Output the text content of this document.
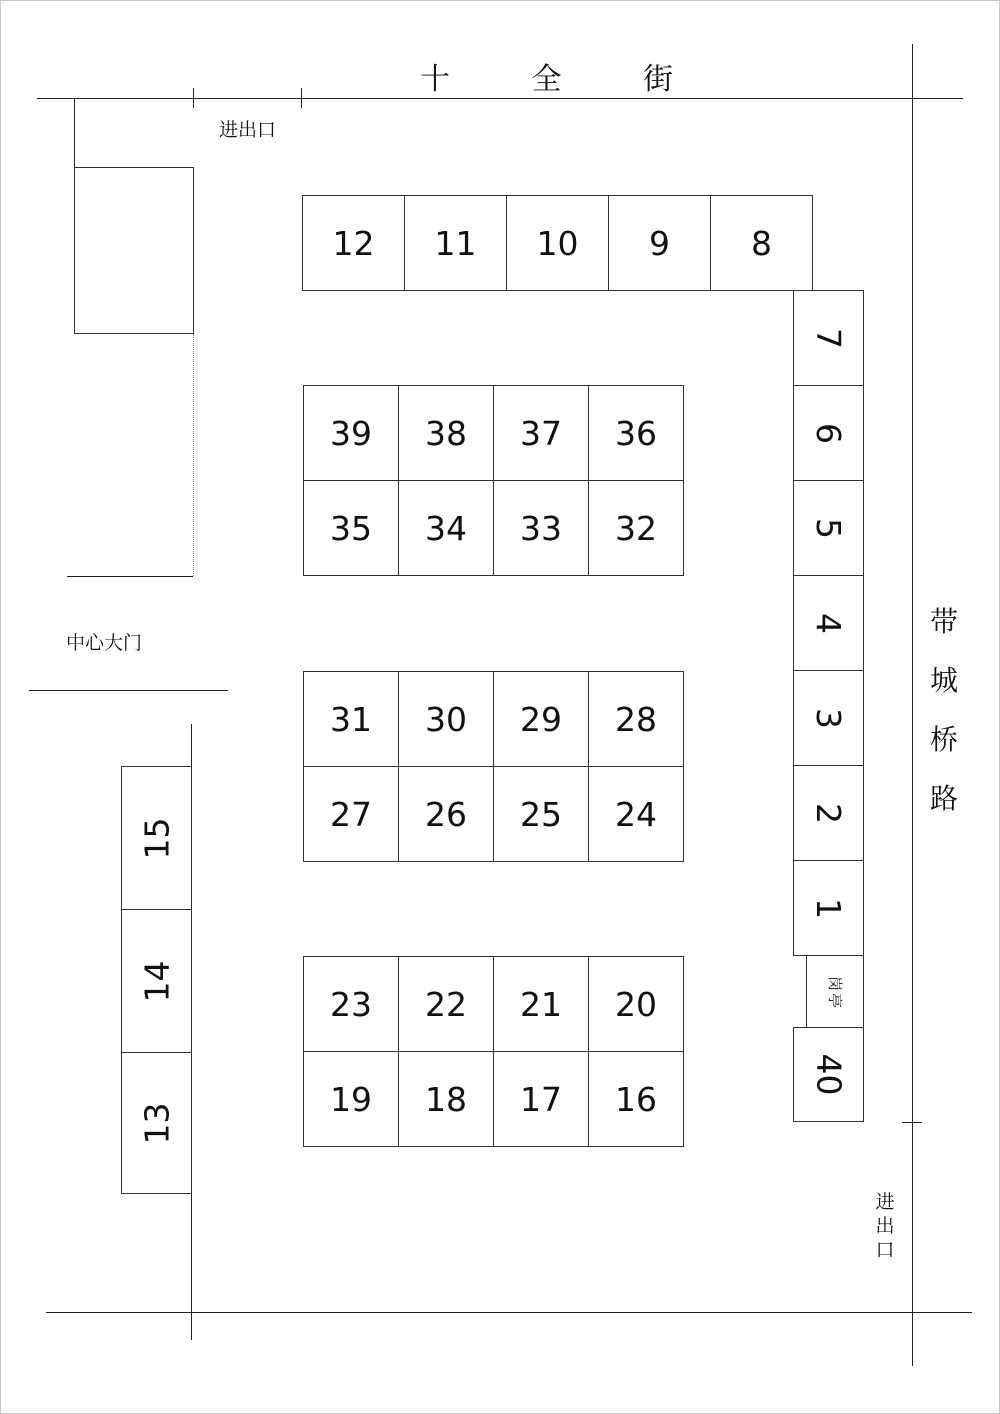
十 全 街
带
城
桥
路
进出口
中心大门
进
出
口
12 11 10 9 8
7
6
5
4
3
2
1
岗 亭
40
15
14
13
39 38 37 36
35 34 33 32
31 30 29 28
27 26 25 24
23 22 21 20
19 18 17 16
